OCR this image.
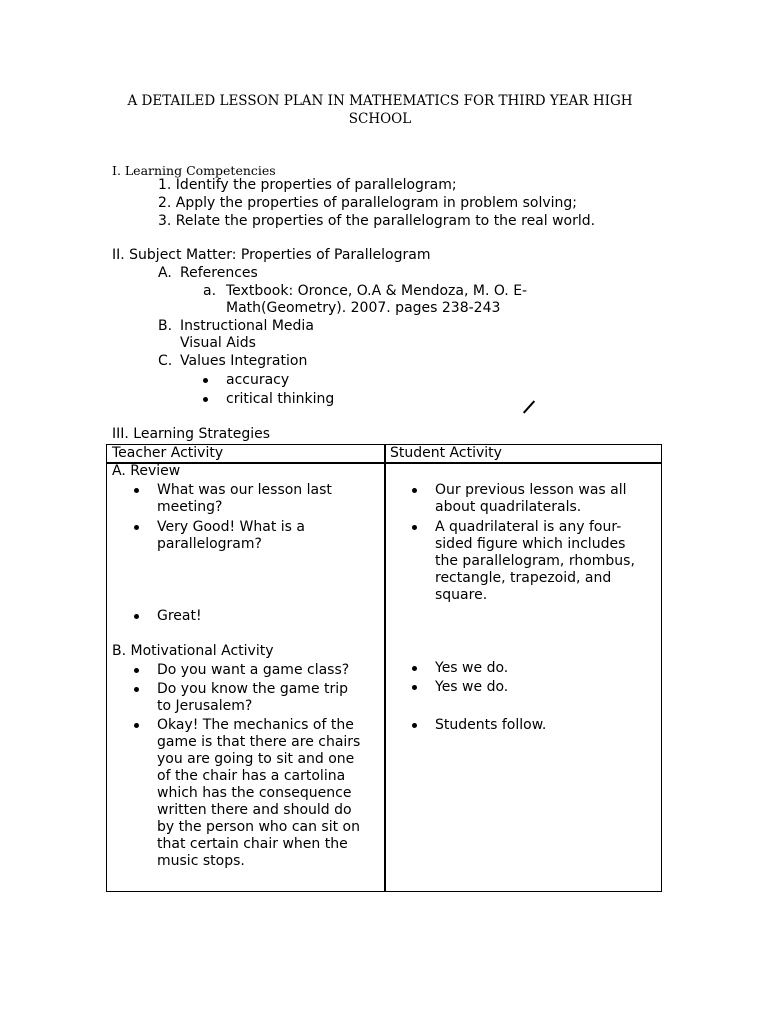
A DETAILED LESSON PLAN IN MATHEMATICS FOR THIRD YEAR HIGH SCHOOL
I. Learning Competencies
1. Identify the properties of parallelogram;
2. Apply the properties of parallelogram in problem solving;
3. Relate the properties of the parallelogram to the real world.
II. Subject Matter: Properties of Parallelogram
A. References
a. Textbook: Oronce, O.A & Mendoza, M. O. E-
Math(Geometry). 2007. pages 238-243
B. Instructional Media
Visual Aids
C. Values Integration
accuracy
critical thinking
III. Learning Strategies
Teacher Activity	Student Activity
A. Review
What was our lesson last
meeting?
Very Good! What is a
parallelogram?
Great!
Our previous lesson was all
about quadrilaterals.
A quadrilateral is any four-
sided figure which includes
the parallelogram, rhombus,
rectangle, trapezoid, and
square.
B. Motivational Activity
Do you want a game class?
Do you know the game trip
to Jerusalem?
Okay! The mechanics of the
game is that there are chairs
you are going to sit and one
of the chair has a cartolina
which has the consequence
written there and should do
by the person who can sit on
that certain chair when the
music stops.
Yes we do.
Yes we do.
Students follow.
